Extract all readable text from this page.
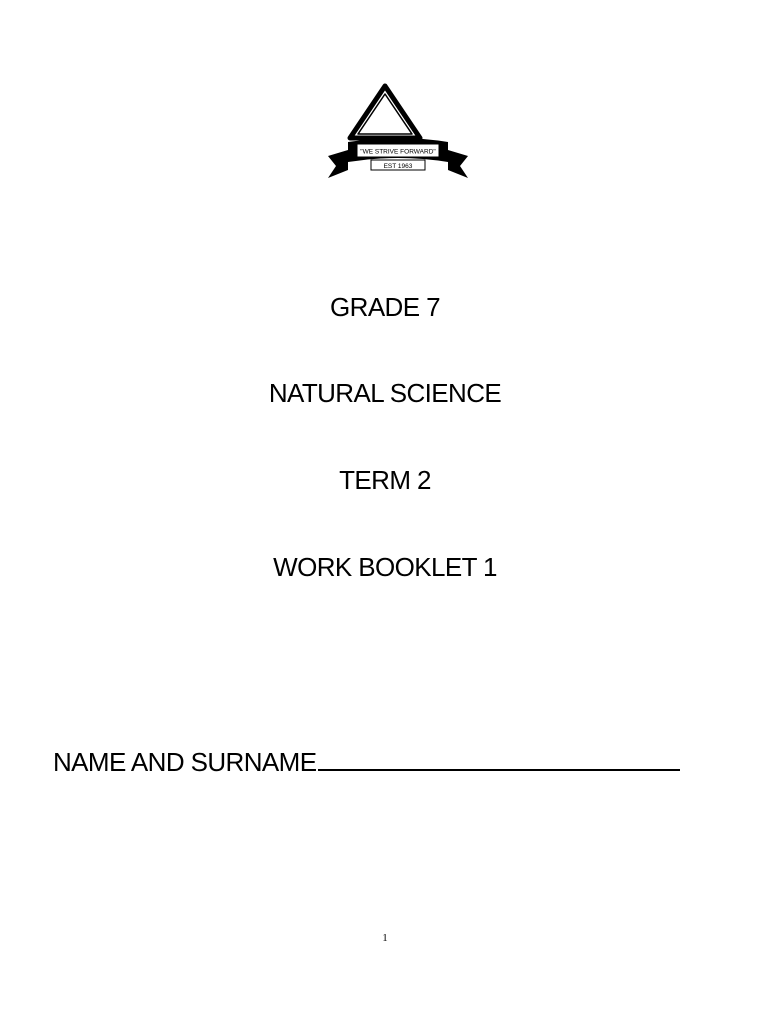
"WE STRIVE FORWARD"
EST 1963
GRADE 7
NATURAL SCIENCE
TERM 2
WORK BOOKLET 1
NAME AND SURNAME
1
